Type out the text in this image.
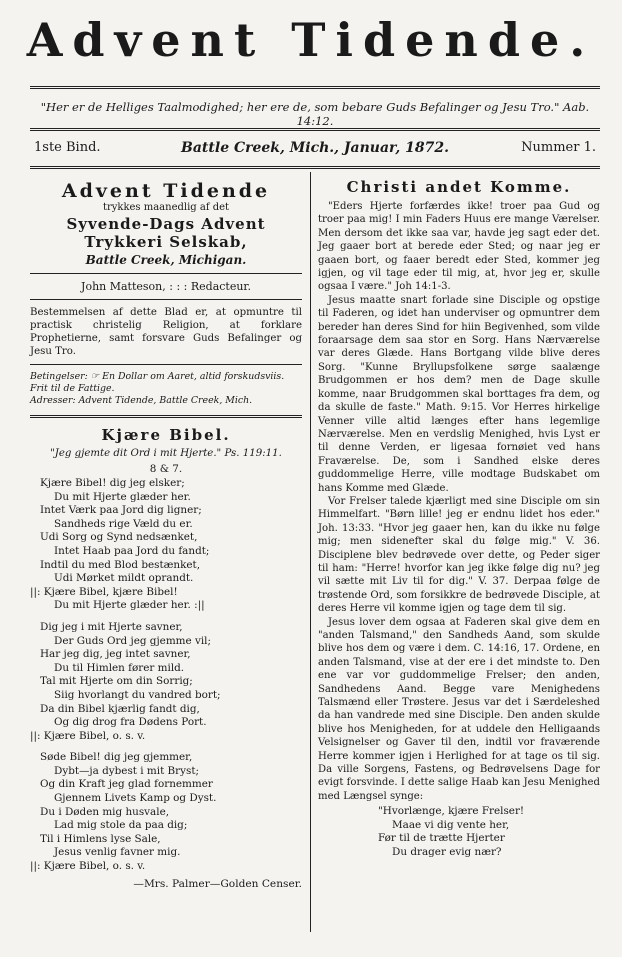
Advent Tidende.
"Her er de Helliges Taalmodighed; her ere de, som bebare Guds Befalinger og Jesu Tro." Aab. 14:12.
1ste Bind.	Battle Creek, Mich., Januar, 1872.	Nummer 1.
Advent Tidende
trykkes maanedlig af det
Syvende-Dags Advent Trykkeri Selskab,
Battle Creek, Michigan.
John Matteson, : : : Redacteur.
Bestemmelsen af dette Blad er, at opmuntre til practisk christelig Religion, at forklare Prophetierne, samt forsvare Guds Befalinger og Jesu Tro.
Betingelser: ☞ En Dollar om Aaret, altid forskudsviis. Frit til de Fattige.
Adresser: Advent Tidende, Battle Creek, Mich.
Kjære Bibel.
"Jeg gjemte dit Ord i mit Hjerte." Ps. 119:11.
8 & 7.
Kjære Bibel! dig jeg elsker;
Du mit Hjerte glæder her.
Intet Værk paa Jord dig ligner;
Sandheds rige Væld du er.
Udi Sorg og Synd nedsænket,
Intet Haab paa Jord du fandt;
Indtil du med Blod bestænket,
Udi Mørket mildt oprandt.
||: Kjære Bibel, kjære Bibel!
Du mit Hjerte glæder her. :||
Dig jeg i mit Hjerte savner,
Der Guds Ord jeg gjemme vil;
Har jeg dig, jeg intet savner,
Du til Himlen fører mild.
Tal mit Hjerte om din Sorrig;
Siig hvorlangt du vandred bort;
Da din Bibel kjærlig fandt dig,
Og dig drog fra Dødens Port.
||: Kjære Bibel, o. s. v.
Søde Bibel! dig jeg gjemmer,
Dybt—ja dybest i mit Bryst;
Og din Kraft jeg glad fornemmer
Gjennem Livets Kamp og Dyst.
Du i Døden mig husvale,
Lad mig stole da paa dig;
Til i Himlens lyse Sale,
Jesus venlig favner mig.
||: Kjære Bibel, o. s. v.
—Mrs. Palmer—Golden Censer.
Christi andet Komme.

"Eders Hjerte forfærdes ikke! troer paa Gud og troer paa mig! I min Faders Huus ere mange Værelser. Men dersom det ikke saa var, havde jeg sagt eder det. Jeg gaaer bort at berede eder Sted; og naar jeg er gaaen bort, og faaer beredt eder Sted, kommer jeg igjen, og vil tage eder til mig, at, hvor jeg er, skulle ogsaa I være." Joh 14:1-3.

Jesus maatte snart forlade sine Disciple og opstige til Faderen, og idet han underviser og opmuntrer dem bereder han deres Sind for hiin Begivenhed, som vilde foraarsage dem saa stor en Sorg. Hans Nærværelse var deres Glæde. Hans Bortgang vilde blive deres Sorg. "Kunne Bryllupsfolkene sørge saalænge Brudgommen er hos dem? men de Dage skulle komme, naar Brudgommen skal borttages fra dem, og da skulle de faste." Math. 9:15. Vor Herres hirkelige Venner ville altid længes efter hans legemlige Nærværelse. Men en verdslig Menighed, hvis Lyst er til denne Verden, er ligesaa fornøiet ved hans Fraværelse. De, som i Sandhed elske deres guddommelige Herre, ville modtage Budskabet om hans Komme med Glæde.

Vor Frelser talede kjærligt med sine Disciple om sin Himmelfart. "Børn lille! jeg er endnu lidet hos eder." Joh. 13:33. "Hvor jeg gaaer hen, kan du ikke nu følge mig; men sidenefter skal du følge mig." V. 36. Disciplene blev bedrøvede over dette, og Peder siger til ham: "Herre! hvorfor kan jeg ikke følge dig nu? jeg vil sætte mit Liv til for dig." V. 37. Derpaa følge de trøstende Ord, som forsikkre de bedrøvede Disciple, at deres Herre vil komme igjen og tage dem til sig.

Jesus lover dem ogsaa at Faderen skal give dem en "anden Talsmand," den Sandheds Aand, som skulde blive hos dem og være i dem. C. 14:16, 17. Ordene, en anden Talsmand, vise at der ere i det mindste to. Den ene var vor guddommelige Frelser; den anden, Sandhedens Aand. Begge vare Menighedens Talsmænd eller Trøstere. Jesus var det i Særdeleshed da han vandrede med sine Disciple. Den anden skulde blive hos Menigheden, for at uddele den Helligaands Velsignelser og Gaver til den, indtil vor fraværende Herre kommer igjen i Herlighed for at tage os til sig. Da ville Sorgens, Fastens, og Bedrøvelsens Dage for evigt forsvinde. I dette salige Haab kan Jesu Menighed med Længsel synge:

"Hvorlænge, kjære Frelser!
Maae vi dig vente her,
Før til de trætte Hjerter
Du drager evig nær?
